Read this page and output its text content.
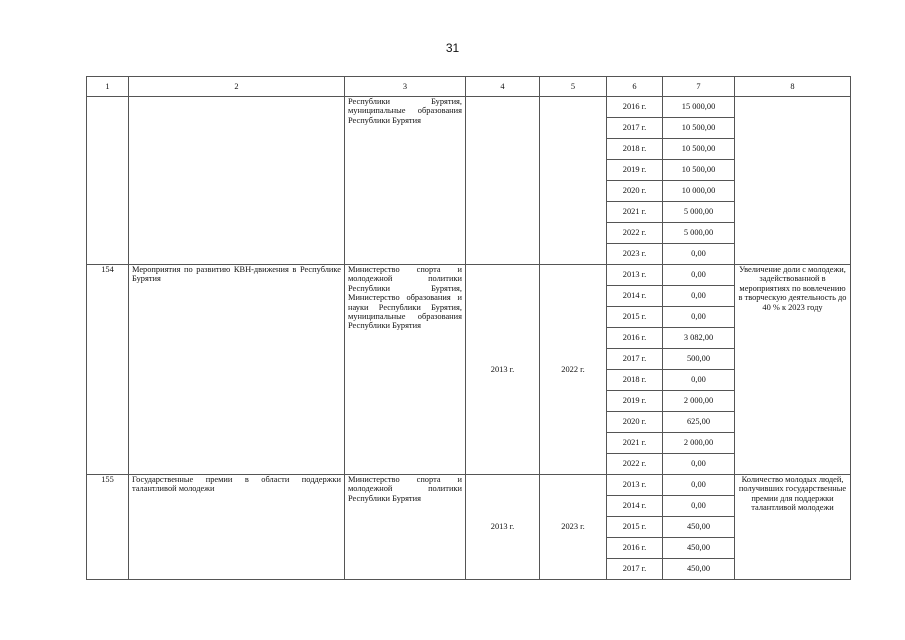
31
1	2	3	4	5	6	7	8
		Республики Бурятия, муниципальные образования Республики Бурятия			2016 г.	15 000,00	
					2017 г.	10 500,00	
					2018 г.	10 500,00	
					2019 г.	10 500,00	
					2020 г.	10 000,00	
					2021 г.	5 000,00	
					2022 г.	5 000,00	
					2023 г.	0,00	
154	Мероприятия по развитию КВН-движения в Республике Бурятия	Министерство спорта и молодежной политики Республики Бурятия, Министерство образования и науки Республики Бурятия, муниципальные образования Республики Бурятия	2013 г.	2022 г.	2013 г.	0,00	Увеличение доли с молодежи, задействованной в мероприятиях по вовлечению в творческую деятельность до 40 % к 2023 году
					2014 г.	0,00	
					2015 г.	0,00	
					2016 г.	3 082,00	
					2017 г.	500,00	
					2018 г.	0,00	
					2019 г.	2 000,00	
					2020 г.	625,00	
					2021 г.	2 000,00	
					2022 г.	0,00	
155	Государственные премии в области поддержки талантливой молодежи	Министерство спорта и молодежной политики Республики Бурятия	2013 г.	2023 г.	2013 г.	0,00	Количество молодых людей, получивших государственные премии для поддержки талантливой молодежи
					2014 г.	0,00	
					2015 г.	450,00	
					2016 г.	450,00	
					2017 г.	450,00	
